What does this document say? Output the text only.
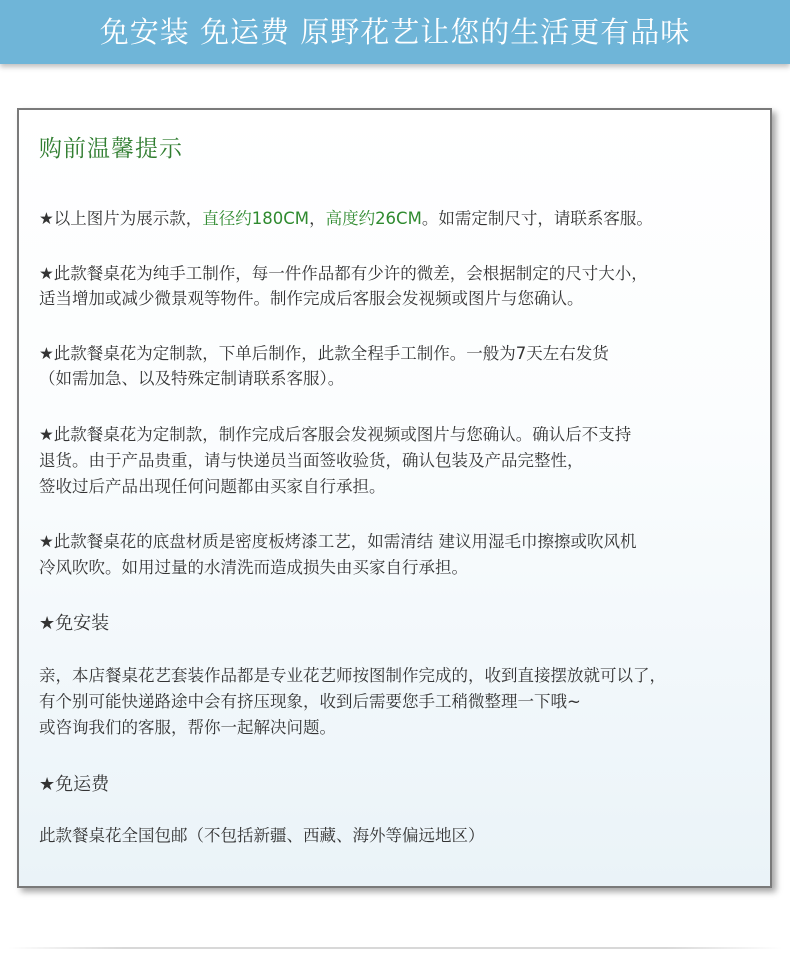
免安装 免运费 原野花艺让您的生活更有品味
购前温馨提示
★以上图片为展示款，直径约180CM，高度约26CM。如需定制尺寸，请联系客服。
★此款餐桌花为纯手工制作，每一件作品都有少许的微差，会根据制定的尺寸大小，
适当增加或减少微景观等物件。制作完成后客服会发视频或图片与您确认。
★此款餐桌花为定制款，下单后制作，此款全程手工制作。一般为7天左右发货
（如需加急、以及特殊定制请联系客服）。
★此款餐桌花为定制款，制作完成后客服会发视频或图片与您确认。确认后不支持
退货。由于产品贵重，请与快递员当面签收验货，确认包装及产品完整性，
签收过后产品出现任何问题都由买家自行承担。
★此款餐桌花的底盘材质是密度板烤漆工艺，如需清结 建议用湿毛巾擦擦或吹风机
冷风吹吹。如用过量的水清洗而造成损失由买家自行承担。
★免安装
亲，本店餐桌花艺套装作品都是专业花艺师按图制作完成的，收到直接摆放就可以了，
有个别可能快递路途中会有挤压现象，收到后需要您手工稍微整理一下哦~
或咨询我们的客服，帮你一起解决问题。
★免运费
此款餐桌花全国包邮（不包括新疆、西藏、海外等偏远地区）
